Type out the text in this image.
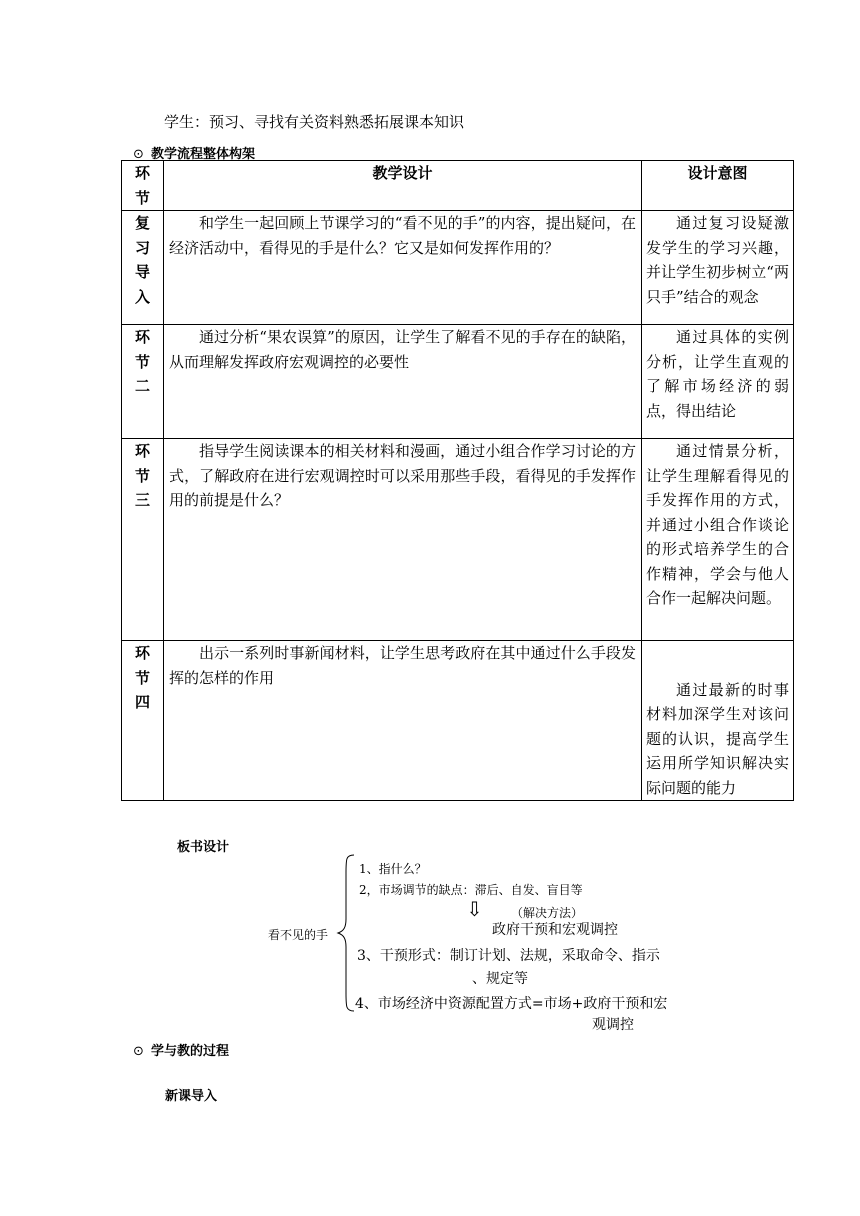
学生：预习、寻找有关资料熟悉拓展课本知识
⊙ 教学流程整体构架
环节	教学设计	设计意图

复习导入	和学生一起回顾上节课学习的“看不见的手”的内容，提出疑问，在经济活动中，看得见的手是什么？它又是如何发挥作用的？	通过复习设疑激发学生的学习兴趣，并让学生初步树立“两只手”结合的观念

环节二	通过分析“果农误算”的原因，让学生了解看不见的手存在的缺陷，从而理解发挥政府宏观调控的必要性	通过具体的实例分析，让学生直观的了解市场经济的弱点，得出结论

环节三	指导学生阅读课本的相关材料和漫画，通过小组合作学习讨论的方式，了解政府在进行宏观调控时可以采用那些手段，看得见的手发挥作用的前提是什么？	通过情景分析，让学生理解看得见的手发挥作用的方式，并通过小组合作谈论的形式培养学生的合作精神，学会与他人合作一起解决问题。

环节四	出示一系列时事新闻材料，让学生思考政府在其中通过什么手段发挥的怎样的作用	通过最新的时事材料加深学生对该问题的认识，提高学生运用所学知识解决实际问题的能力
板书设计
看不见的手
1、指什么？
2，市场调节的缺点：滞后、自发、盲目等
⇩ （解决方法）
政府干预和宏观调控
3、干预形式：制订计划、法规，采取命令、指示
、规定等
4、市场经济中资源配置方式=市场+政府干预和宏
观调控
⊙ 学与教的过程
新课导入
